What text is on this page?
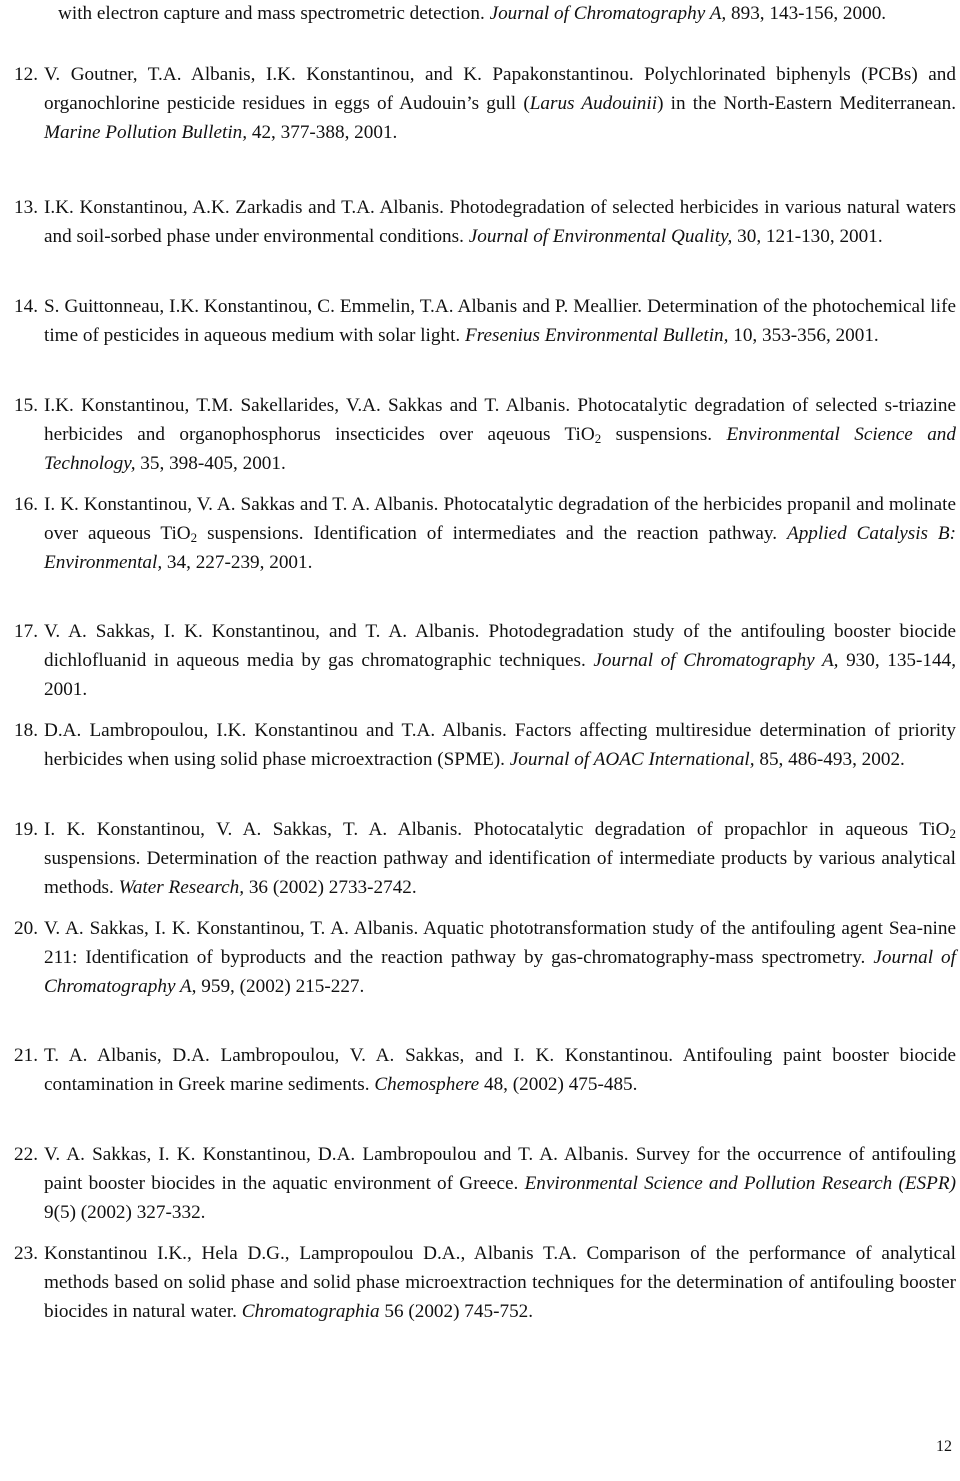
with electron capture and mass spectrometric detection. Journal of Chromatography A, 893, 143-156, 2000.
12. V. Goutner, T.A. Albanis, I.K. Konstantinou, and K. Papakonstantinou. Polychlorinated biphenyls (PCBs) and organochlorine pesticide residues in eggs of Audouin’s gull (Larus Audouinii) in the North-Eastern Mediterranean. Marine Pollution Bulletin, 42, 377-388, 2001.
13. I.K. Konstantinou, A.K. Zarkadis and T.A. Albanis. Photodegradation of selected herbicides in various natural waters and soil-sorbed phase under environmental conditions. Journal of Environmental Quality, 30, 121-130, 2001.
14. S. Guittonneau, I.K. Konstantinou, C. Emmelin, T.A. Albanis and P. Meallier. Determination of the photochemical life time of pesticides in aqueous medium with solar light. Fresenius Environmental Bulletin, 10, 353-356, 2001.
15. I.K. Konstantinou, T.M. Sakellarides, V.A. Sakkas and T. Albanis. Photocatalytic degradation of selected s-triazine herbicides and organophosphorus insecticides over aqeuous TiO$_2$ suspensions. Environmental Science and Technology, 35, 398-405, 2001.
16. I. K. Konstantinou, V. A. Sakkas and T. A. Albanis. Photocatalytic degradation of the herbicides propanil and molinate over aqueous TiO$_2$ suspensions. Identification of intermediates and the reaction pathway. Applied Catalysis B: Environmental, 34, 227-239, 2001.
17. V. A. Sakkas, I. K. Konstantinou, and T. A. Albanis. Photodegradation study of the antifouling booster biocide dichlofluanid in aqueous media by gas chromatographic techniques. Journal of Chromatography A, 930, 135-144, 2001.
18. D.A. Lambropoulou, I.K. Konstantinou and T.A. Albanis. Factors affecting multiresidue determination of priority herbicides when using solid phase microextraction (SPME). Journal of AOAC International, 85, 486-493, 2002.
19. I. K. Konstantinou, V. A. Sakkas, T. A. Albanis. Photocatalytic degradation of propachlor in aqueous TiO$_2$ suspensions. Determination of the reaction pathway and identification of intermediate products by various analytical methods. Water Research, 36 (2002) 2733-2742.
20. V. A. Sakkas, I. K. Konstantinou, T. A. Albanis. Aquatic phototransformation study of the antifouling agent Sea-nine 211: Identification of byproducts and the reaction pathway by gas-chromatography-mass spectrometry. Journal of Chromatography A, 959, (2002) 215-227.
21. T. A. Albanis, D.A. Lambropoulou, V. A. Sakkas, and I. K. Konstantinou. Antifouling paint booster biocide contamination in Greek marine sediments. Chemosphere 48, (2002) 475-485.
22. V. A. Sakkas, I. K. Konstantinou, D.A. Lambropoulou and T. A. Albanis. Survey for the occurrence of antifouling paint booster biocides in the aquatic environment of Greece. Environmental Science and Pollution Research (ESPR) 9(5) (2002) 327-332.
23. Konstantinou I.K., Hela D.G., Lampropoulou D.A., Albanis T.A. Comparison of the performance of analytical methods based on solid phase and solid phase microextraction techniques for the determination of antifouling booster biocides in natural water. Chromatographia 56 (2002) 745-752.
12
